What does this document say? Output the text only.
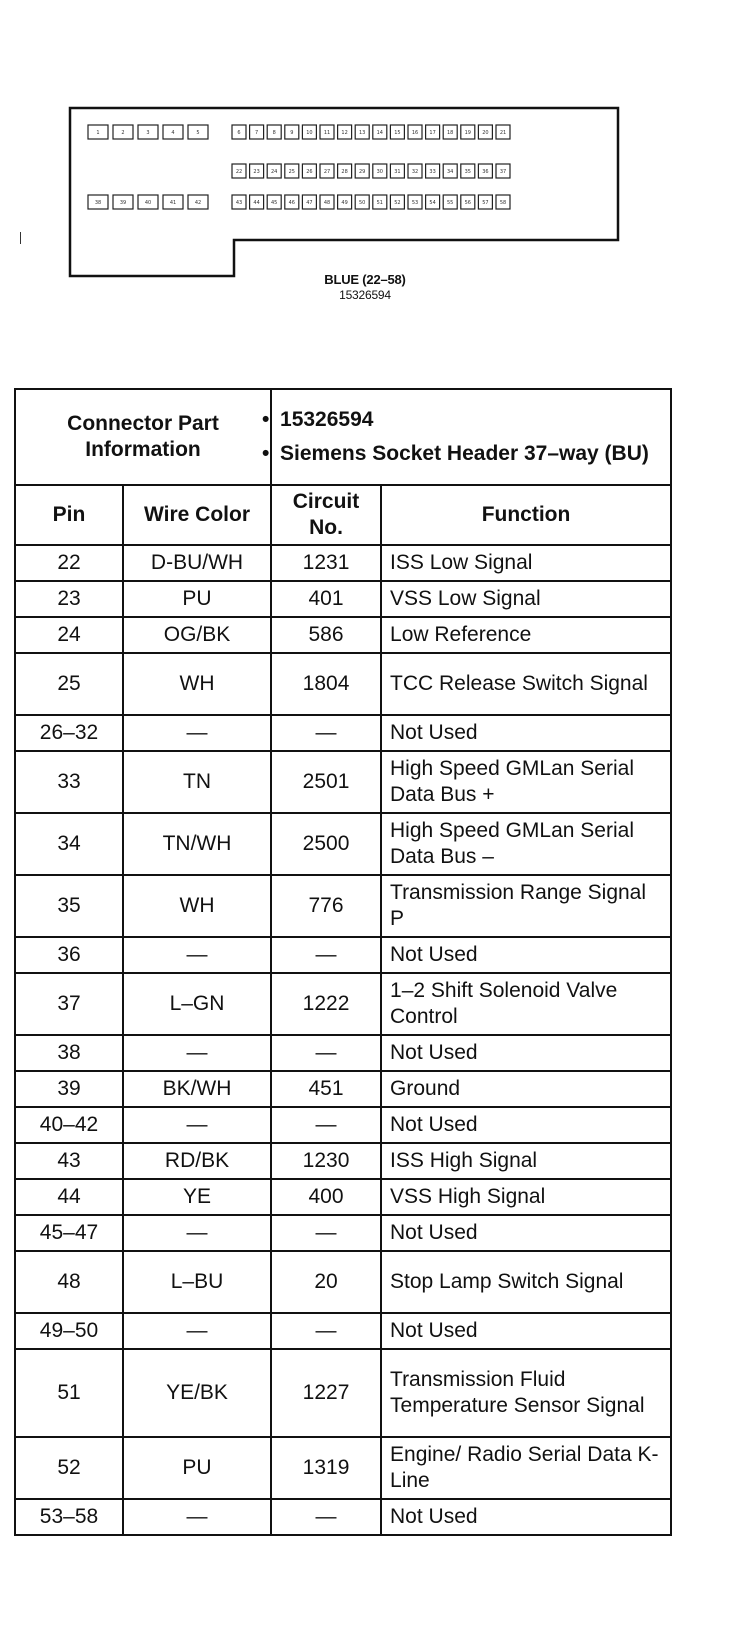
1	2	3	4	5	6	7	8	9	10 11 12 13 14 15 16 17 18 19 20 21
22 23 24 25 26 27 28 29 30 31 32 33 34 35 36 37
38	39	40	41	42	43 44 45 46 47 48 49 50 51 52 53 54 55 56 57 58
BLUE (22–58)
15326594
Connector Part Information		• 15326594
• Siemens Socket Header 37–way (BU)

Pin	Wire Color	Circuit No.	Function
22	D-BU/WH	1231	ISS Low Signal
23	PU	401	VSS Low Signal
24	OG/BK	586	Low Reference
25	WH	1804	TCC Release Switch Signal
26–32	—	—	Not Used
33	TN	2501	High Speed GMLan Serial Data Bus +
34	TN/WH	2500	High Speed GMLan Serial Data Bus –
35	WH	776	Transmission Range Signal P
36	—	—	Not Used
37	L–GN	1222	1–2 Shift Solenoid Valve Control
38	—	—	Not Used
39	BK/WH	451	Ground
40–42	—	—	Not Used
43	RD/BK	1230	ISS High Signal
44	YE	400	VSS High Signal
45–47	—	—	Not Used
48	L–BU	20	Stop Lamp Switch Signal
49–50	—	—	Not Used
51	YE/BK	1227	Transmission Fluid Temperature Sensor Signal
52	PU	1319	Engine/ Radio Serial Data K-Line
53–58	—	—	Not Used
